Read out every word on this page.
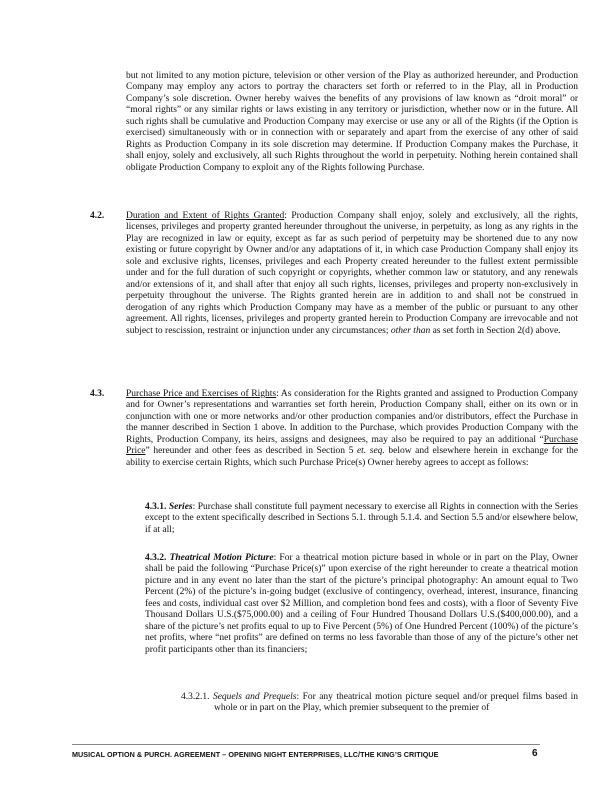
but not limited to any motion picture, television or other version of the Play as authorized hereunder, and Production Company may employ any actors to portray the characters set forth or referred to in the Play, all in Production Company’s sole discretion. Owner hereby waives the benefits of any provisions of law known as “droit moral” or “moral rights” or any similar rights or laws existing in any territory or jurisdiction, whether now or in the future. All such rights shall be cumulative and Production Company may exercise or use any or all of the Rights (if the Option is exercised) simultaneously with or in connection with or separately and apart from the exercise of any other of said Rights as Production Company in its sole discretion may determine. If Production Company makes the Purchase, it shall enjoy, solely and exclusively, all such Rights throughout the world in perpetuity. Nothing herein contained shall obligate Production Company to exploit any of the Rights following Purchase.

4.2. Duration and Extent of Rights Granted: Production Company shall enjoy, solely and exclusively, all the rights, licenses, privileges and property granted hereunder throughout the universe, in perpetuity, as long as any rights in the Play are recognized in law or equity, except as far as such period of perpetuity may be shortened due to any now existing or future copyright by Owner and/or any adaptations of it, in which case Production Company shall enjoy its sole and exclusive rights, licenses, privileges and each Property created hereunder to the fullest extent permissible under and for the full duration of such copyright or copyrights, whether common law or statutory, and any renewals and/or extensions of it, and shall after that enjoy all such rights, licenses, privileges and property non-exclusively in perpetuity throughout the universe. The Rights granted herein are in addition to and shall not be construed in derogation of any rights which Production Company may have as a member of the public or pursuant to any other agreement. All rights, licenses, privileges and property granted herein to Production Company are irrevocable and not subject to rescission, restraint or injunction under any circumstances; other than as set forth in Section 2(d) above.

4.3. Purchase Price and Exercises of Rights: As consideration for the Rights granted and assigned to Production Company and for Owner’s representations and warranties set forth herein, Production Company shall, either on its own or in conjunction with one or more networks and/or other production companies and/or distributors, effect the Purchase in the manner described in Section 1 above. In addition to the Purchase, which provides Production Company with the Rights, Production Company, its heirs, assigns and designees, may also be required to pay an additional “Purchase Price” hereunder and other fees as described in Section 5 et. seq. below and elsewhere herein in exchange for the ability to exercise certain Rights, which such Purchase Price(s) Owner hereby agrees to accept as follows:

4.3.1. Series: Purchase shall constitute full payment necessary to exercise all Rights in connection with the Series except to the extent specifically described in Sections 5.1. through 5.1.4. and Section 5.5 and/or elsewhere below, if at all;

4.3.2. Theatrical Motion Picture: For a theatrical motion picture based in whole or in part on the Play, Owner shall be paid the following “Purchase Price(s)” upon exercise of the right hereunder to create a theatrical motion picture and in any event no later than the start of the picture’s principal photography: An amount equal to Two Percent (2%) of the picture’s in-going budget (exclusive of contingency, overhead, interest, insurance, financing fees and costs, individual cast over $2 Million, and completion bond fees and costs), with a floor of Seventy Five Thousand Dollars U.S.($75,000.00) and a ceiling of Four Hundred Thousand Dollars U.S.($400,000.00), and a share of the picture’s net profits equal to up to Five Percent (5%) of One Hundred Percent (100%) of the picture’s net profits, where “net profits” are defined on terms no less favorable than those of any of the picture’s other net profit participants other than its financiers;

4.3.2.1. Sequels and Prequels: For any theatrical motion picture sequel and/or prequel films based in whole or in part on the Play, which premier subsequent to the premier of

MUSICAL OPTION & PURCH. AGREEMENT – OPENING NIGHT ENTERPRISES, LLC/THE KING’S CRITIQUE	6
